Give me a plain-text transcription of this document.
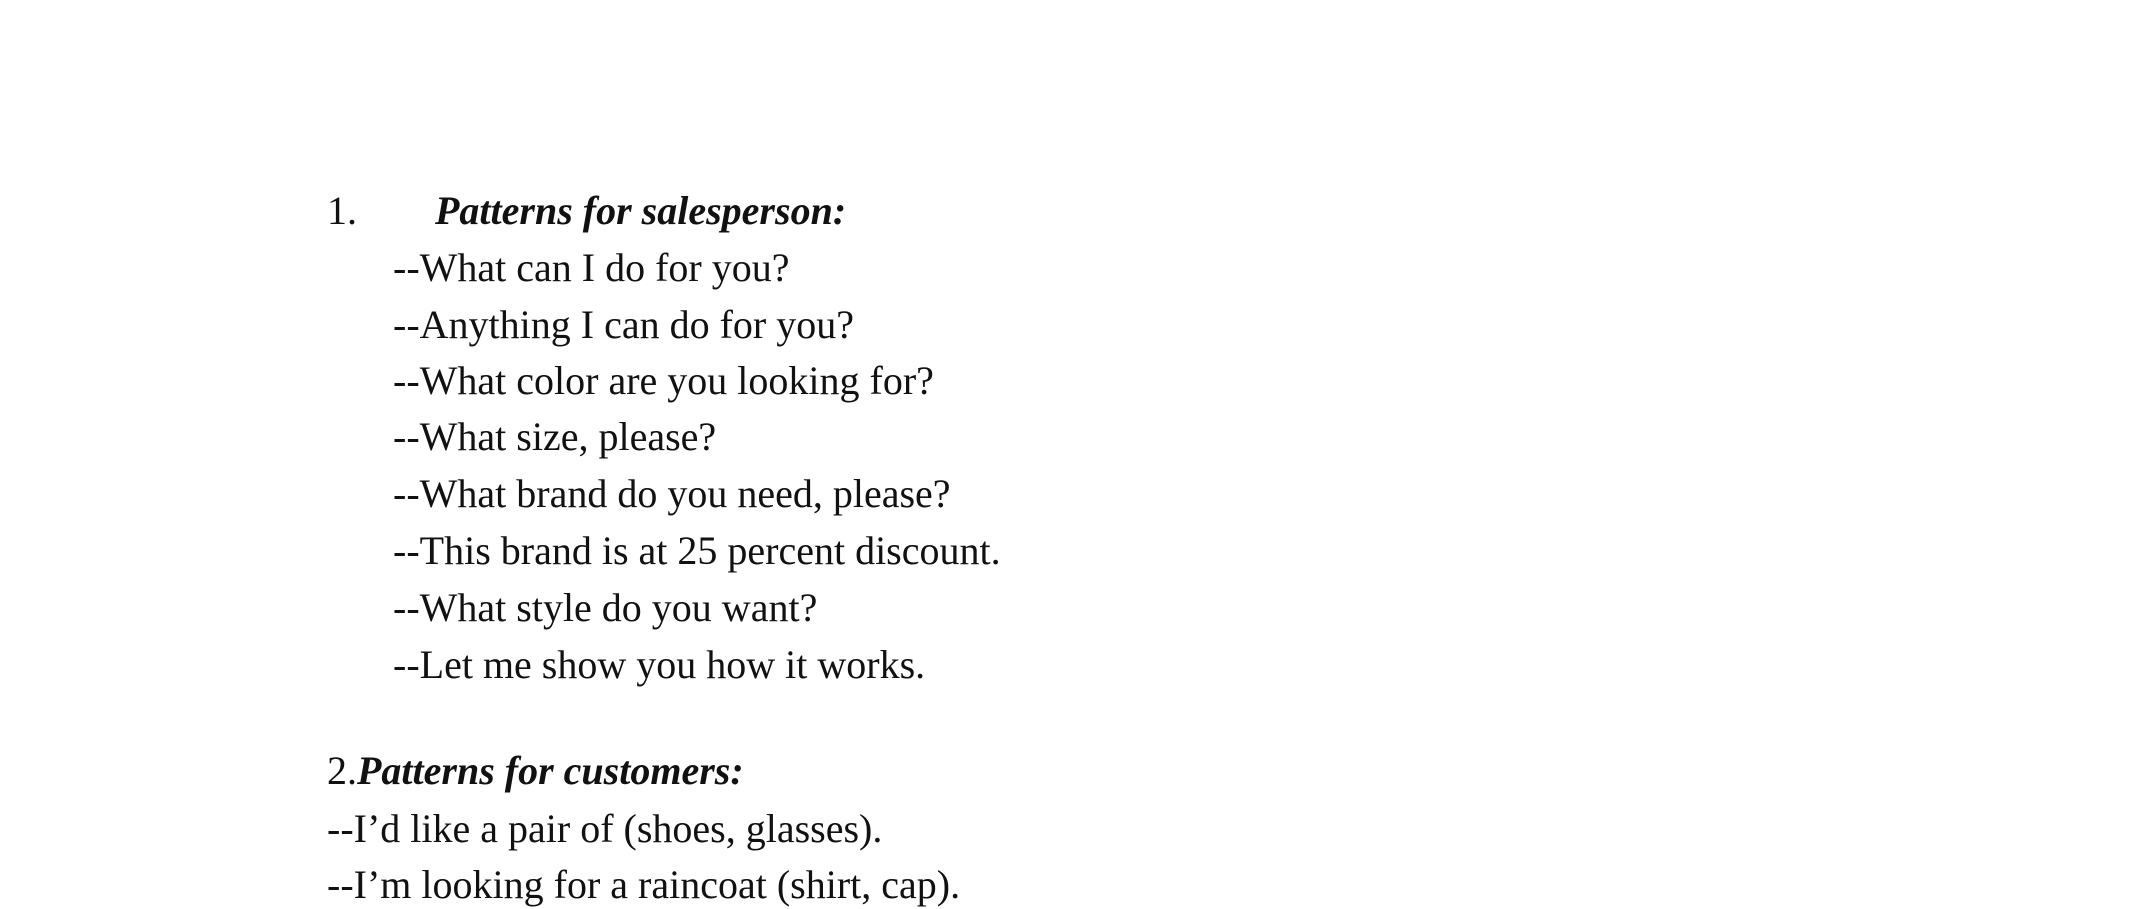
1. Patterns for salesperson:
--What can I do for you?
--Anything I can do for you?
--What color are you looking for?
--What size, please?
--What brand do you need, please?
--This brand is at 25 percent discount.
--What style do you want?
--Let me show you how it works.
2.Patterns for customers:
--I’d like a pair of (shoes, glasses).
--I’m looking for a raincoat (shirt, cap).
